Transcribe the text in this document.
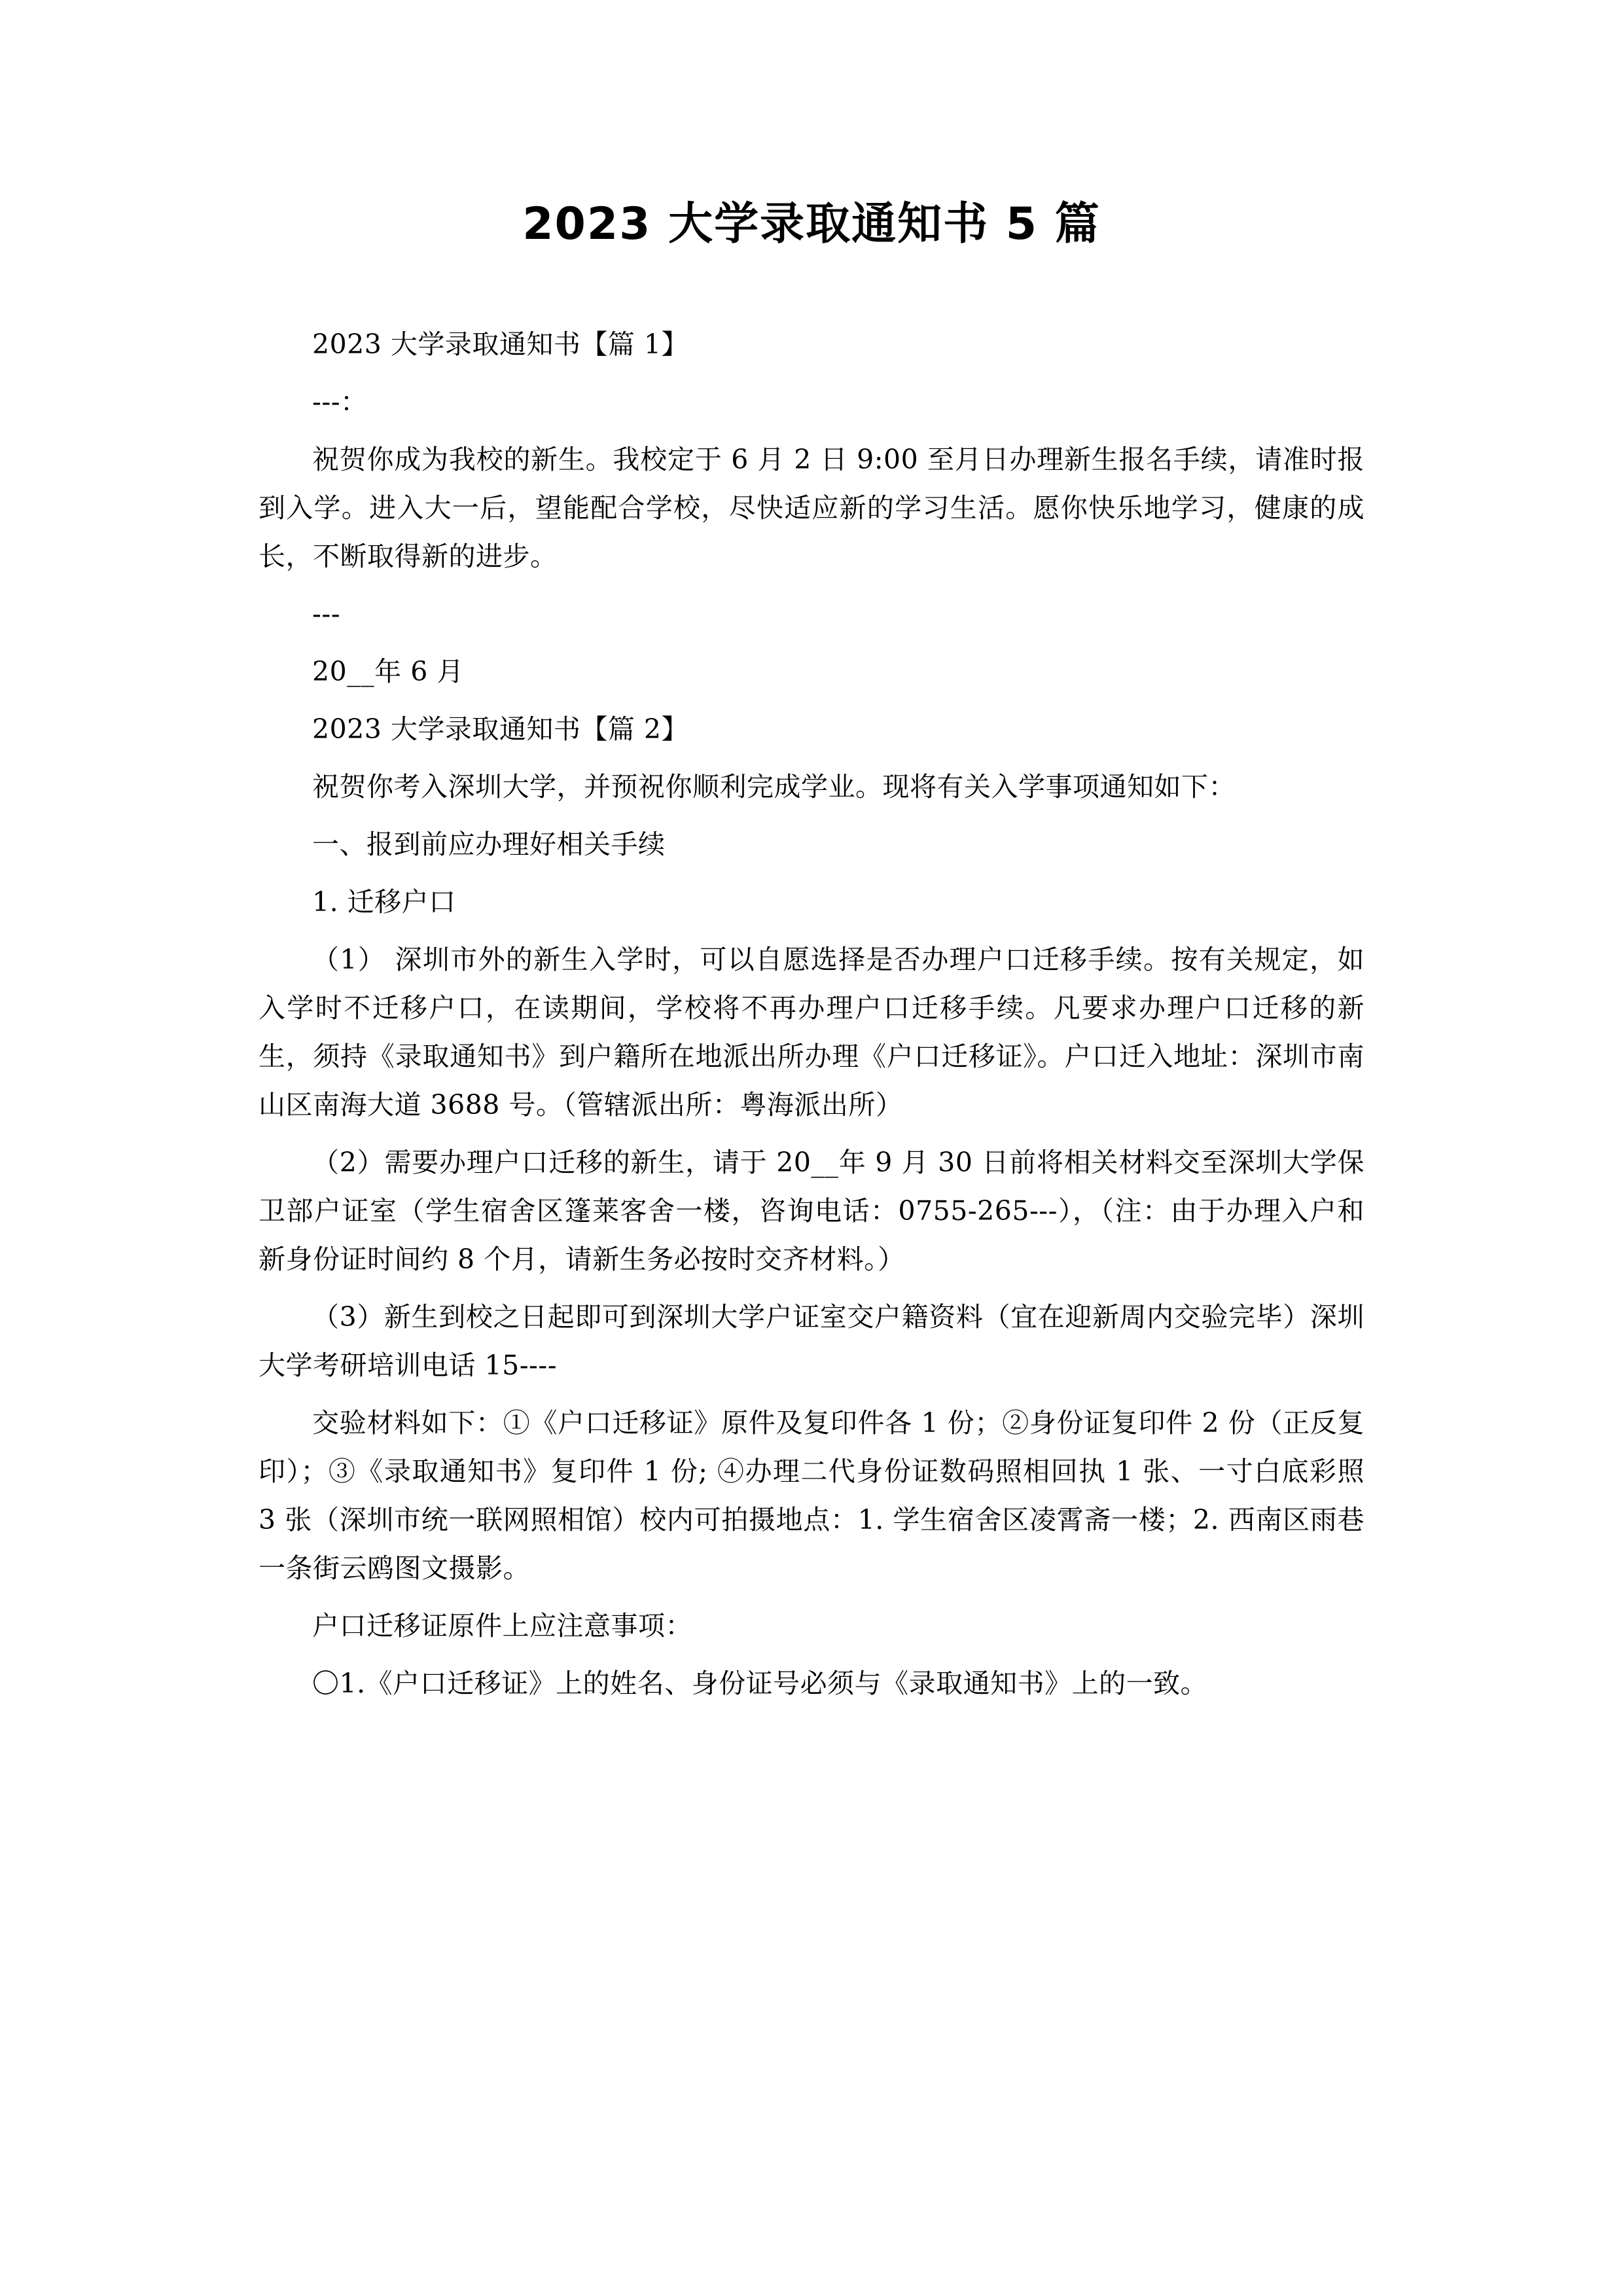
2023 大学录取通知书 5 篇

2023 大学录取通知书【篇 1】

---：

祝贺你成为我校的新生。我校定于 6 月 2 日 9:00 至月日办理新生报名手续，请准时报到入学。进入大一后，望能配合学校，尽快适应新的学习生活。愿你快乐地学习，健康的成长，不断取得新的进步。

---

20__年 6 月

2023 大学录取通知书【篇 2】

祝贺你考入深圳大学，并预祝你顺利完成学业。现将有关入学事项通知如下：

一、报到前应办理好相关手续

1. 迁移户口

（1） 深圳市外的新生入学时，可以自愿选择是否办理户口迁移手续。按有关规定，如入学时不迁移户口，在读期间，学校将不再办理户口迁移手续。凡要求办理户口迁移的新生，须持《录取通知书》到户籍所在地派出所办理《户口迁移证》。户口迁入地址：深圳市南山区南海大道 3688 号。（管辖派出所：粤海派出所）

（2）需要办理户口迁移的新生，请于 20__年 9 月 30 日前将相关材料交至深圳大学保卫部户证室（学生宿舍区篷莱客舍一楼，咨询电话：0755-265---），（注：由于办理入户和新身份证时间约 8 个月，请新生务必按时交齐材料。）

（3）新生到校之日起即可到深圳大学户证室交户籍资料（宜在迎新周内交验完毕）深圳大学考研培训电话 15----

交验材料如下：①《户口迁移证》原件及复印件各 1 份；②身份证复印件 2 份（正反复印）；③《录取通知书》复印件 1 份; ④办理二代身份证数码照相回执 1 张、一寸白底彩照 3 张（深圳市统一联网照相馆）校内可拍摄地点：1. 学生宿舍区凌霄斋一楼；2. 西南区雨巷一条街云鸥图文摄影。

户口迁移证原件上应注意事项：

〇1.《户口迁移证》上的姓名、身份证号必须与《录取通知书》上的一致。
